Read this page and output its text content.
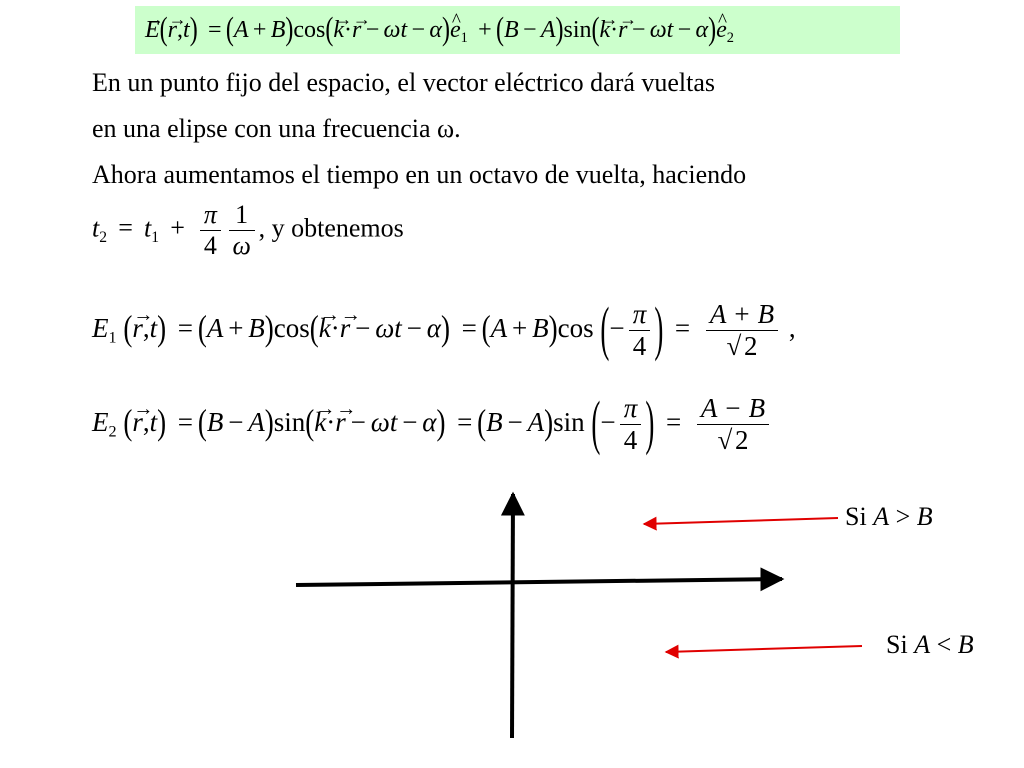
→ E(→ r,t) = (A + B)cos(→ k·→ r − ωt − α)^ $e_1 + (B - A)\sin(\to k\cdot\to r - \omega t$ − α)^ $e_2$
En un punto fijo del espacio, el vector eléctrico dará vueltas
en una elipse con una frecuencia ω.
Ahora aumentamos el tiempo en un octavo de vuelta, haciendo
$t_2 = t_1 + \frac{\pi}{4} \frac{1}{\omega}$ , y obtenemos
$E_1$ (→ r,t) = (A + B)cos(→ k·→ r − ωt − α) = (A + B)cos (− $\frac{\pi}{4}$ ) = $\frac{A + B}{√2}$ ,
$E_2$ (→ r,t) = (B − A)sin(→ k·→ r − ωt − α) = (B − A)sin (− $\frac{\pi}{4}$ ) = $\frac{A - B}{√2}$
Si A > B
Si A < B
